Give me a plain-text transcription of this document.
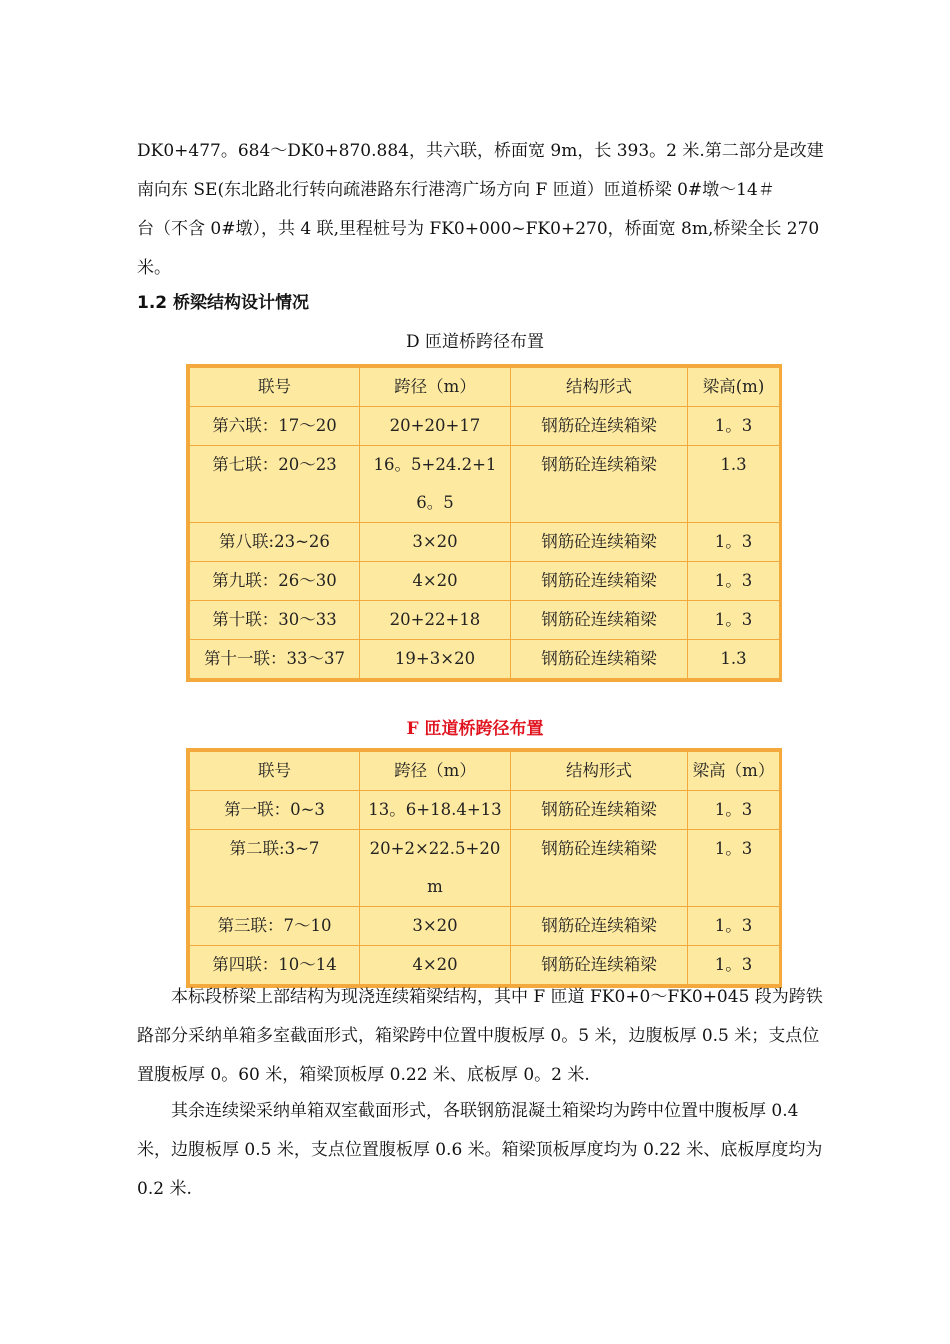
DK0+477。684～DK0+870.884，共六联，桥面宽 9m，长 393。2 米.第二部分是改建
南向东 SE(东北路北行转向疏港路东行港湾广场方向 F 匝道）匝道桥梁 0#墩～14＃
台（不含 0#墩），共 4 联,里程桩号为 FK0+000~FK0+270，桥面宽 8m,桥梁全长 270
米。

1.2 桥梁结构设计情况

D 匝道桥跨径布置

联号	跨径（m）	结构形式	梁高(m)
第六联：17～20	20+20+17	钢筋砼连续箱梁	1。3
第七联：20～23	16。5+24.2+16。5	钢筋砼连续箱梁	1.3
第八联:23~26	3×20	钢筋砼连续箱梁	1。3
第九联：26～30	4×20	钢筋砼连续箱梁	1。3
第十联：30～33	20+22+18	钢筋砼连续箱梁	1。3
第十一联：33～37	19+3×20	钢筋砼连续箱梁	1.3

F 匝道桥跨径布置

联号	跨径（m）	结构形式	梁高（m）
第一联：0~3	13。6+18.4+13	钢筋砼连续箱梁	1。3
第二联:3~7	20+2×22.5+20m	钢筋砼连续箱梁	1。3
第三联：7～10	3×20	钢筋砼连续箱梁	1。3
第四联：10～14	4×20	钢筋砼连续箱梁	1。3

本标段桥梁上部结构为现浇连续箱梁结构，其中 F 匝道 FK0+0～FK0+045 段为跨铁路部分采纳单箱多室截面形式，箱梁跨中位置中腹板厚 0。5 米，边腹板厚 0.5 米；支点位置腹板厚 0。60 米，箱梁顶板厚 0.22 米、底板厚 0。2 米.

其余连续梁采纳单箱双室截面形式，各联钢筋混凝土箱梁均为跨中位置中腹板厚 0.4 米，边腹板厚 0.5 米，支点位置腹板厚 0.6 米。箱梁顶板厚度均为 0.22 米、底板厚度均为 0.2 米.
